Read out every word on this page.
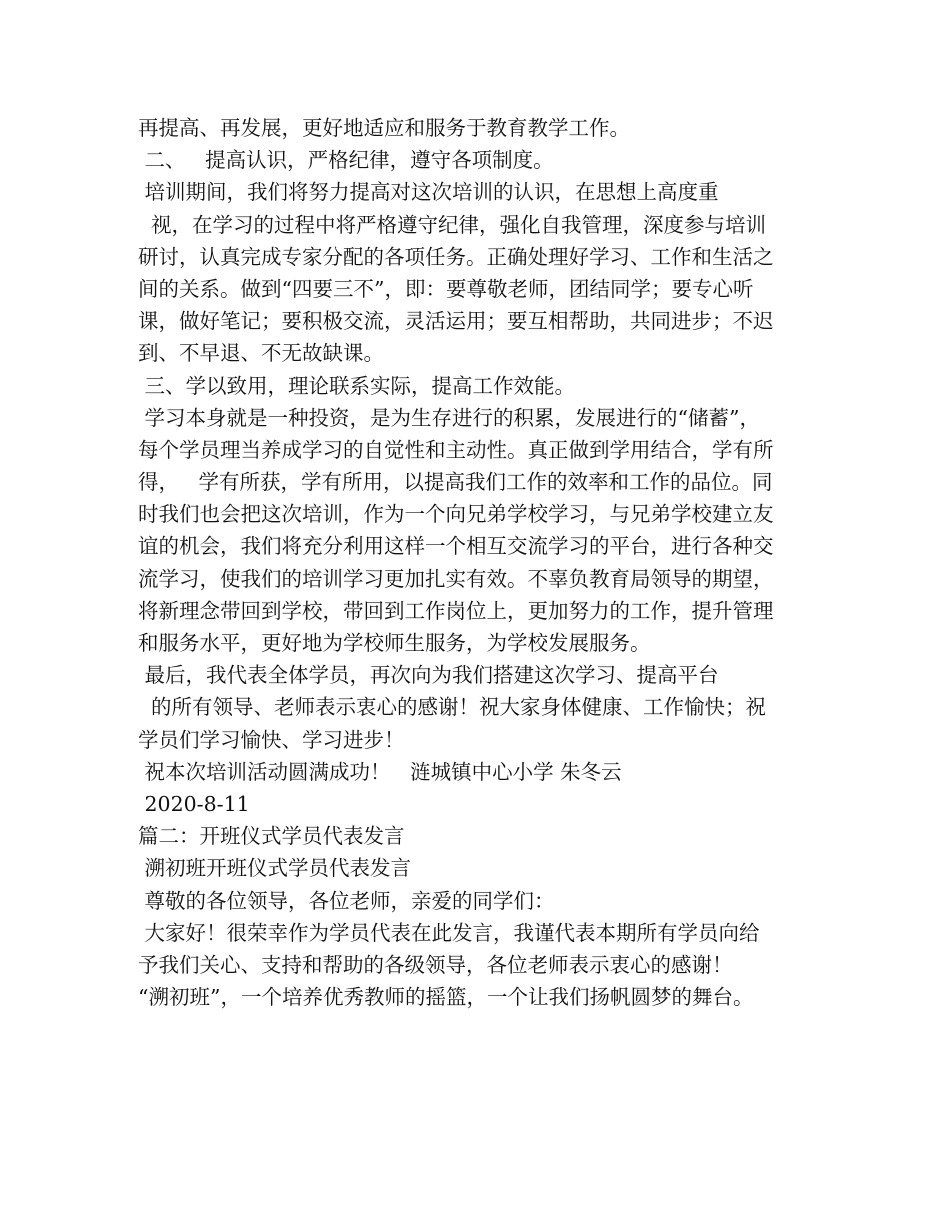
再提高、再发展，更好地适应和服务于教育教学工作。
二、   提高认识，严格纪律，遵守各项制度。
培训期间，我们将努力提高对这次培训的认识，在思想上高度重
视，在学习的过程中将严格遵守纪律，强化自我管理，深度参与培训
研讨，认真完成专家分配的各项任务。正确处理好学习、工作和生活之
间的关系。做到“四要三不”，即：要尊敬老师，团结同学；要专心听
课，做好笔记；要积极交流，灵活运用；要互相帮助，共同进步；不迟
到、不早退、不无故缺课。
三、学以致用，理论联系实际，提高工作效能。
学习本身就是一种投资，是为生存进行的积累，发展进行的“储蓄”，
每个学员理当养成学习的自觉性和主动性。真正做到学用结合，学有所
得，   学有所获，学有所用，以提高我们工作的效率和工作的品位。同
时我们也会把这次培训，作为一个向兄弟学校学习，与兄弟学校建立友
谊的机会，我们将充分利用这样一个相互交流学习的平台，进行各种交
流学习，使我们的培训学习更加扎实有效。不辜负教育局领导的期望，
将新理念带回到学校，带回到工作岗位上，更加努力的工作，提升管理
和服务水平，更好地为学校师生服务，为学校发展服务。
最后，我代表全体学员，再次向为我们搭建这次学习、提高平台
的所有领导、老师表示衷心的感谢！祝大家身体健康、工作愉快；祝
学员们学习愉快、学习进步！
祝本次培训活动圆满成功！   涟城镇中心小学 朱冬云
2020-8-11
篇二：开班仪式学员代表发言
溯初班开班仪式学员代表发言
尊敬的各位领导，各位老师，亲爱的同学们：
大家好！很荣幸作为学员代表在此发言，我谨代表本期所有学员向给
予我们关心、支持和帮助的各级领导，各位老师表示衷心的感谢！
“溯初班”，一个培养优秀教师的摇篮，一个让我们扬帆圆梦的舞台。
